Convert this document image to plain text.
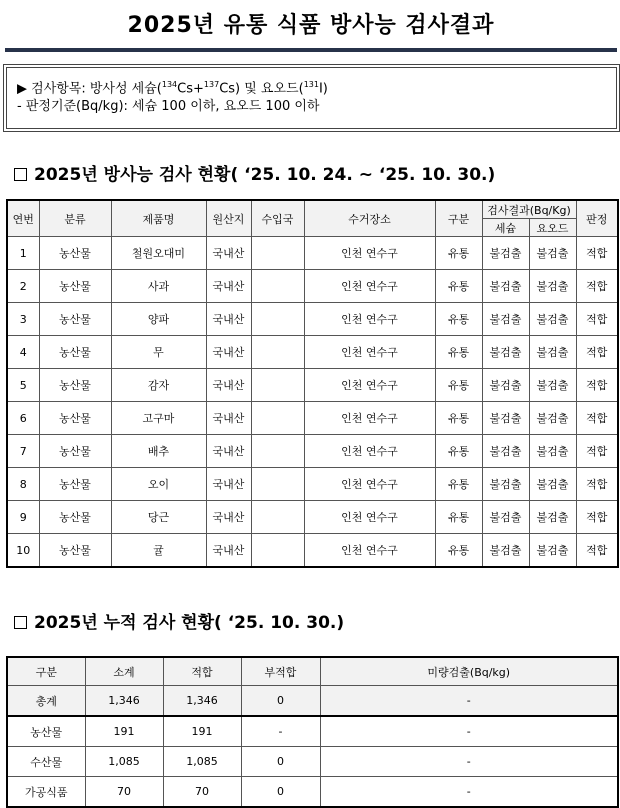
2025년 유통 식품 방사능 검사결과
▶ 검사항목: 방사성 세슘($^{134}$Cs+$^{137}$Cs) 및 요오드($^{131}$I)
- 판정기준(Bq/kg): 세슘 100 이하, 요오드 100 이하
2025년 방사능 검사 현황( ‘25. 10. 24. ~ ‘25. 10. 30.)
연번	분류	제품명	원산지	수입국	수거장소	구분	검사결과(Bq/Kg)		판정
							세슘	요오드	
1	농산물	철원오대미	국내산		인천 연수구	유통	불검출	불검출	적합
2	농산물	사과	국내산		인천 연수구	유통	불검출	불검출	적합
3	농산물	양파	국내산		인천 연수구	유통	불검출	불검출	적합
4	농산물	무	국내산		인천 연수구	유통	불검출	불검출	적합
5	농산물	감자	국내산		인천 연수구	유통	불검출	불검출	적합
6	농산물	고구마	국내산		인천 연수구	유통	불검출	불검출	적합
7	농산물	배추	국내산		인천 연수구	유통	불검출	불검출	적합
8	농산물	오이	국내산		인천 연수구	유통	불검출	불검출	적합
9	농산물	당근	국내산		인천 연수구	유통	불검출	불검출	적합
10	농산물	귤	국내산		인천 연수구	유통	불검출	불검출	적합
2025년 누적 검사 현황( ‘25. 10. 30.)
구분	소계	적합	부적합	미량검출(Bq/kg)
총계	1,346	1,346	0	-
농산물	191	191	-	-
수산물	1,085	1,085	0	-
가공식품	70	70	0	-
